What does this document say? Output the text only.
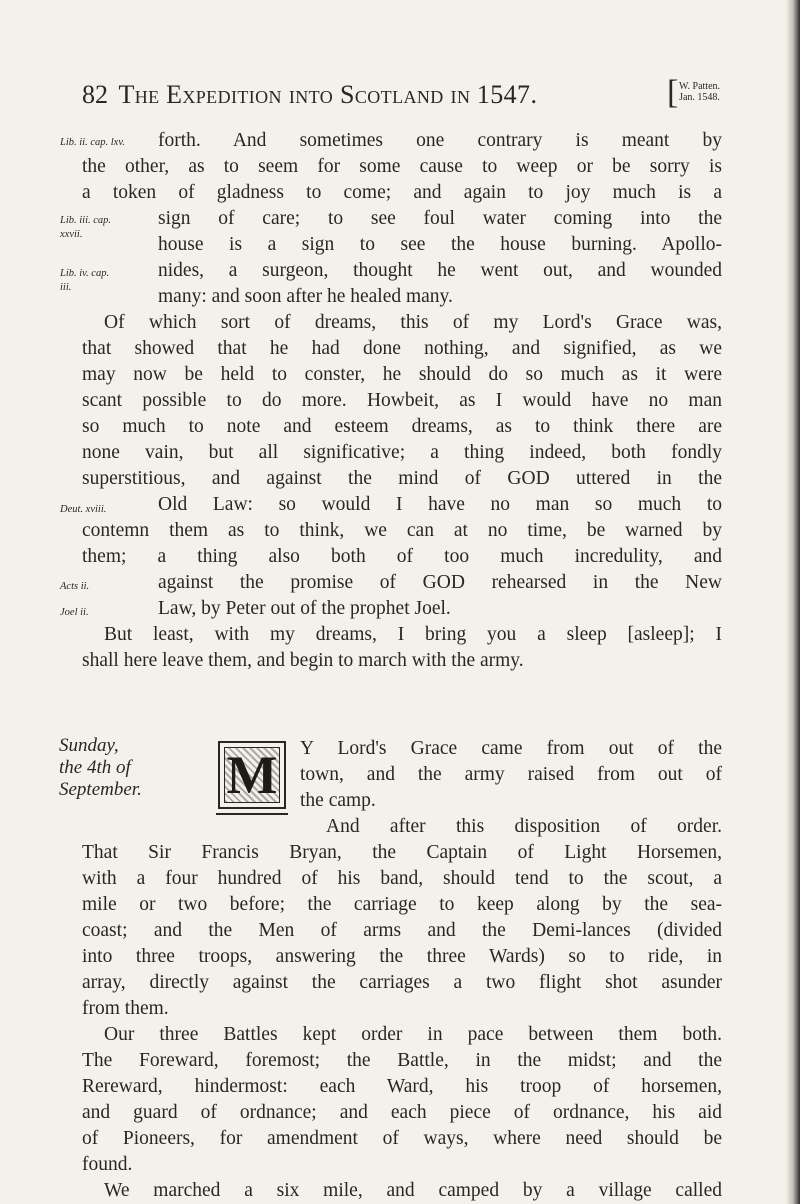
82 The Expedition into Scotland in 1547.	[ W. Patten.
Jan. 1548.
Lib. ii. cap. lxv.
Lib. iii. cap.
xxvii.
Lib. iv. cap.
iii.
Deut. xviii.
Acts ii.
Joel ii.
forth. And sometimes one contrary is meant by
the other, as to seem for some cause to weep or be sorry is
a token of gladness to come; and again to joy much is a
sign of care; to see foul water coming into the
house is a sign to see the house burning. Apollo-
nides, a surgeon, thought he went out, and wounded
many: and soon after he healed many.
Of which sort of dreams, this of my Lord's Grace was,
that showed that he had done nothing, and signified, as we
may now be held to conster, he should do so much as it were
scant possible to do more. Howbeit, as I would have no man
so much to note and esteem dreams, as to think there are
none vain, but all significative; a thing indeed, both fondly
superstitious, and against the mind of GOD uttered in the
Old Law: so would I have no man so much to
contemn them as to think, we can at no time, be warned by
them; a thing also both of too much incredulity, and
against the promise of GOD rehearsed in the New
Law, by Peter out of the prophet Joel.
But least, with my dreams, I bring you a sleep [asleep]; I
shall here leave them, and begin to march with the army.
Sunday,
the 4th of
September.	M Y Lord's Grace came from out of the
town, and the army raised from out of
the camp.
And after this disposition of order.
That Sir Francis Bryan, the Captain of Light Horsemen,
with a four hundred of his band, should tend to the scout, a
mile or two before; the carriage to keep along by the sea-
coast; and the Men of arms and the Demi-lances (divided
into three troops, answering the three Wards) so to ride, in
array, directly against the carriages a two flight shot asunder
from them.
Our three Battles kept order in pace between them both.
The Foreward, foremost; the Battle, in the midst; and the
Rereward, hindermost: each Ward, his troop of horsemen,
and guard of ordnance; and each piece of ordnance, his aid
of Pioneers, for amendment of ways, where need should be
found.
We marched a six mile, and camped by a village called
